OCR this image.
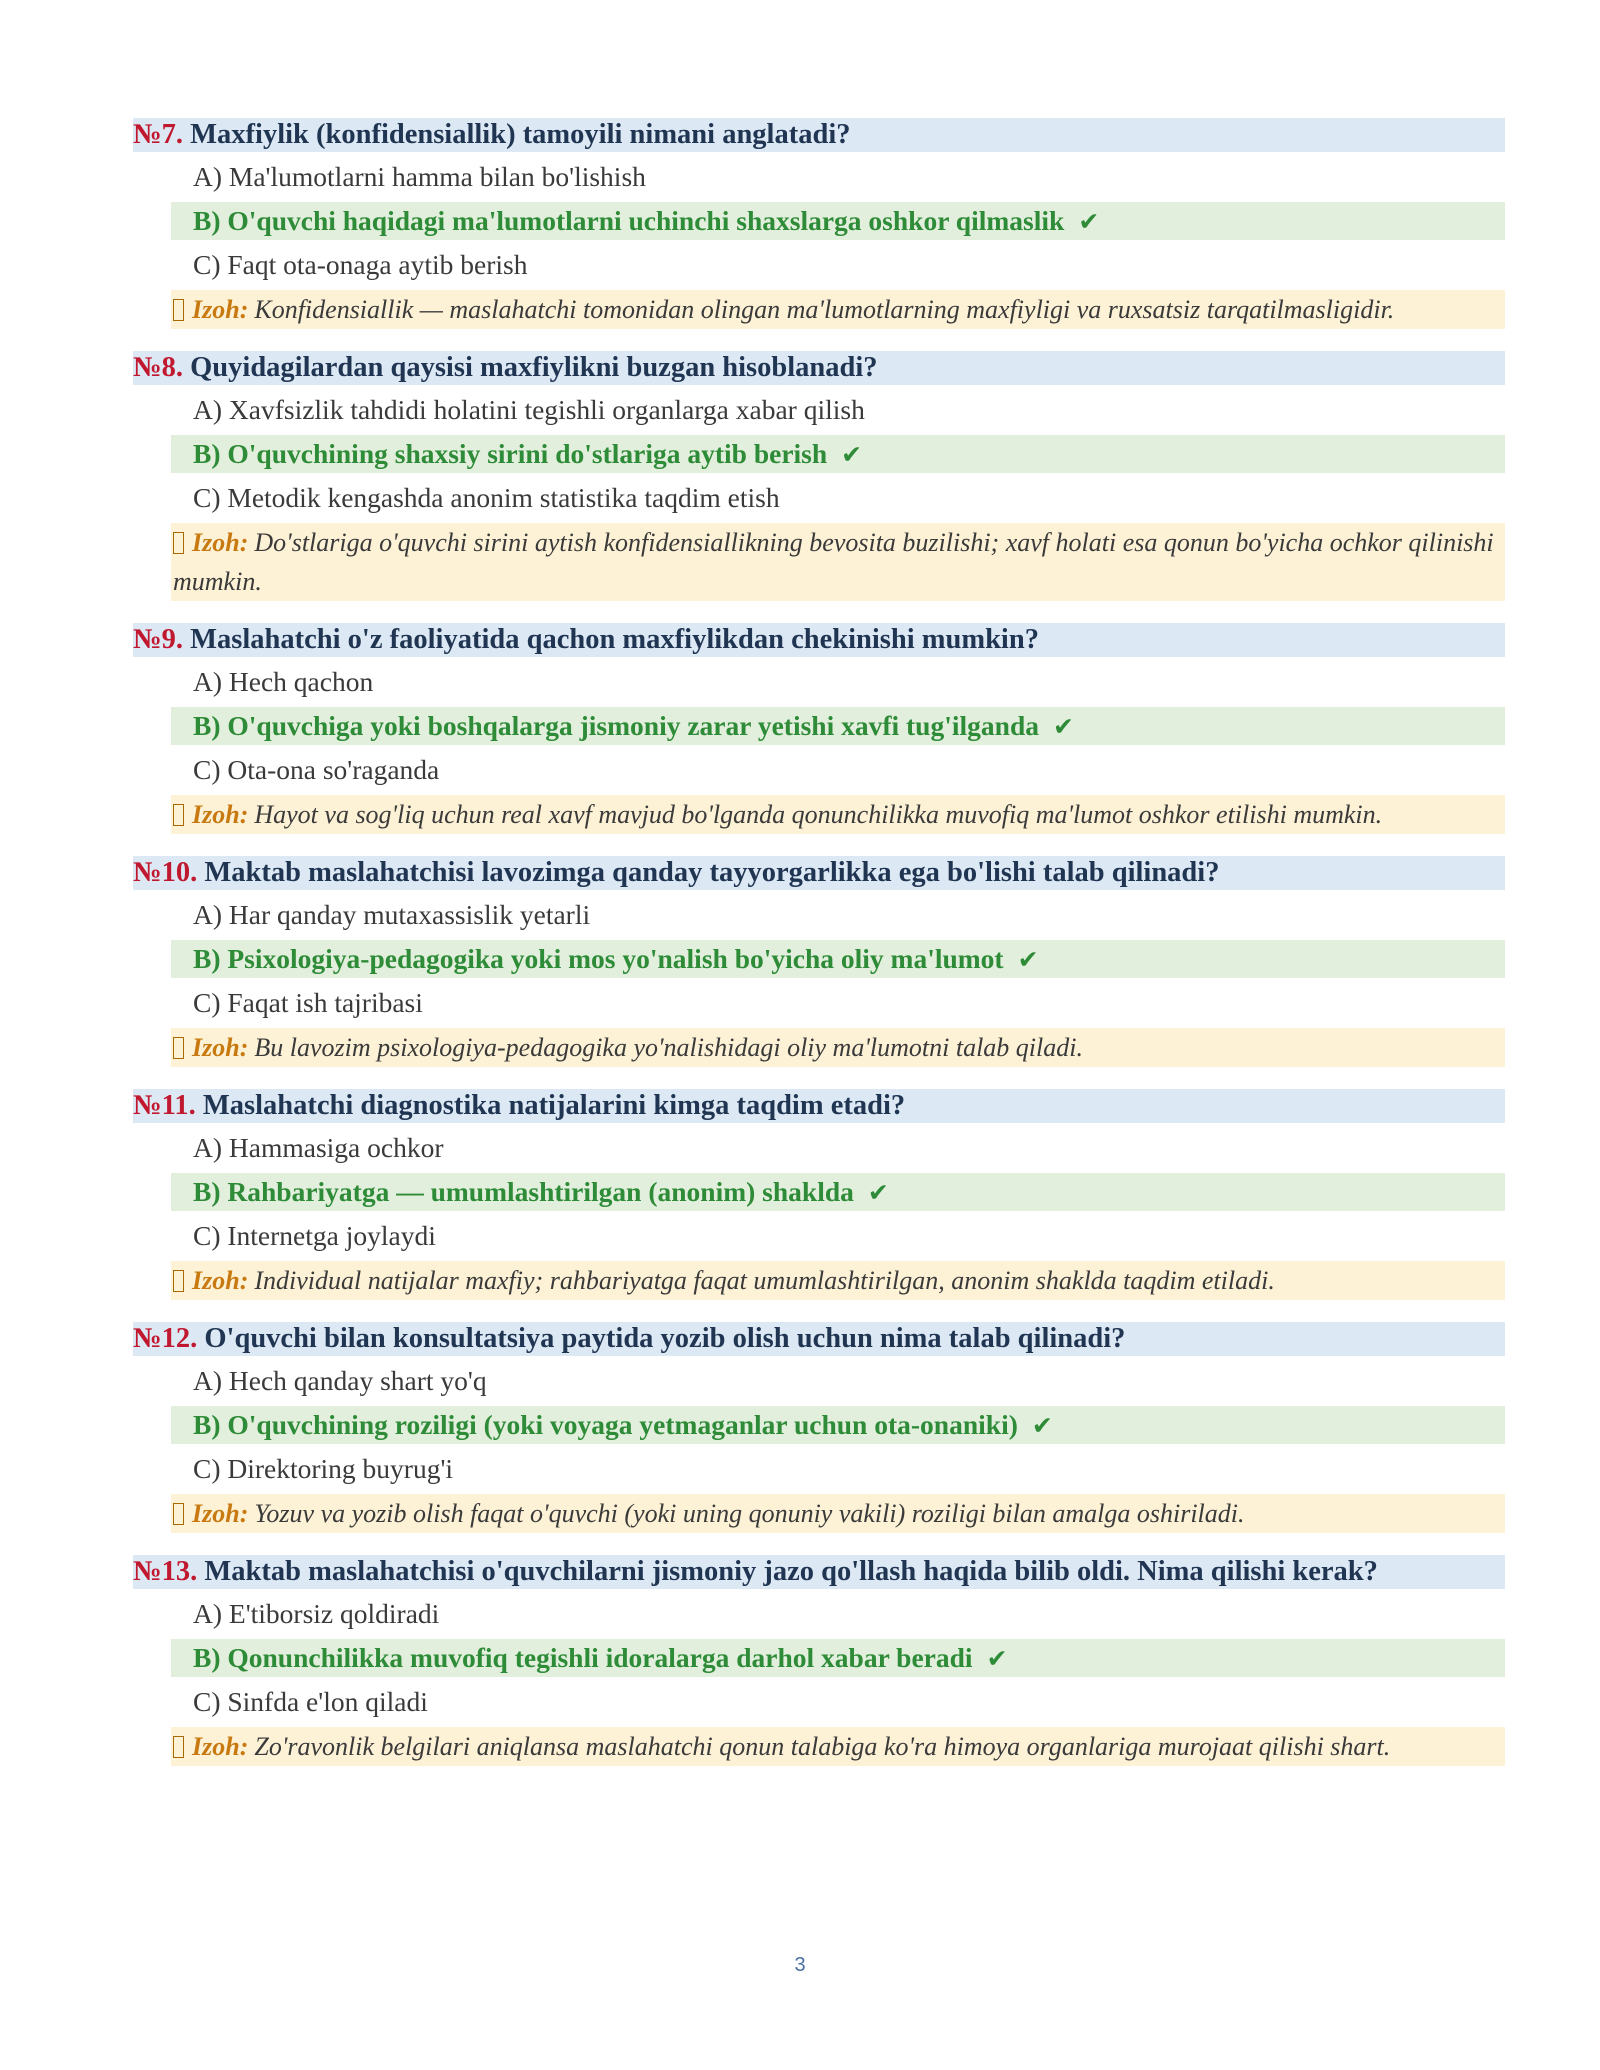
№7. Maxfiylik (konfidensiallik) tamoyili nimani anglatadi?
A) Ma'lumotlarni hamma bilan bo'lishish
B) O'quvchi haqidagi ma'lumotlarni uchinchi shaxslarga oshkor qilmaslik ✔
C) Faqt ota-onaga aytib berish
Izoh: Konfidensiallik — maslahatchi tomonidan olingan ma'lumotlarning maxfiyligi va ruxsatsiz tarqatilmasligidir.
№8. Quyidagilardan qaysisi maxfiylikni buzgan hisoblanadi?
A) Xavfsizlik tahdidi holatini tegishli organlarga xabar qilish
B) O'quvchining shaxsiy sirini do'stlariga aytib berish ✔
C) Metodik kengashda anonim statistika taqdim etish
Izoh: Do'stlariga o'quvchi sirini aytish konfidensiallikning bevosita buzilishi; xavf holati esa qonun bo'yicha ochkor qilinishi mumkin.
№9. Maslahatchi o'z faoliyatida qachon maxfiylikdan chekinishi mumkin?
A) Hech qachon
B) O'quvchiga yoki boshqalarga jismoniy zarar yetishi xavfi tug'ilganda ✔
C) Ota-ona so'raganda
Izoh: Hayot va sog'liq uchun real xavf mavjud bo'lganda qonunchilikka muvofiq ma'lumot oshkor etilishi mumkin.
№10. Maktab maslahatchisi lavozimga qanday tayyorgarlikka ega bo'lishi talab qilinadi?
A) Har qanday mutaxassislik yetarli
B) Psixologiya-pedagogika yoki mos yo'nalish bo'yicha oliy ma'lumot ✔
C) Faqat ish tajribasi
Izoh: Bu lavozim psixologiya-pedagogika yo'nalishidagi oliy ma'lumotni talab qiladi.
№11. Maslahatchi diagnostika natijalarini kimga taqdim etadi?
A) Hammasiga ochkor
B) Rahbariyatga — umumlashtirilgan (anonim) shaklda ✔
C) Internetga joylaydi
Izoh: Individual natijalar maxfiy; rahbariyatga faqat umumlashtirilgan, anonim shaklda taqdim etiladi.
№12. O'quvchi bilan konsultatsiya paytida yozib olish uchun nima talab qilinadi?
A) Hech qanday shart yo'q
B) O'quvchining roziligi (yoki voyaga yetmaganlar uchun ota-onaniki) ✔
C) Direktoring buyrug'i
Izoh: Yozuv va yozib olish faqat o'quvchi (yoki uning qonuniy vakili) roziligi bilan amalga oshiriladi.
№13. Maktab maslahatchisi o'quvchilarni jismoniy jazo qo'llash haqida bilib oldi. Nima qilishi kerak?
A) E'tiborsiz qoldiradi
B) Qonunchilikka muvofiq tegishli idoralarga darhol xabar beradi ✔
C) Sinfda e'lon qiladi
Izoh: Zo'ravonlik belgilari aniqlansa maslahatchi qonun talabiga ko'ra himoya organlariga murojaat qilishi shart.
3
